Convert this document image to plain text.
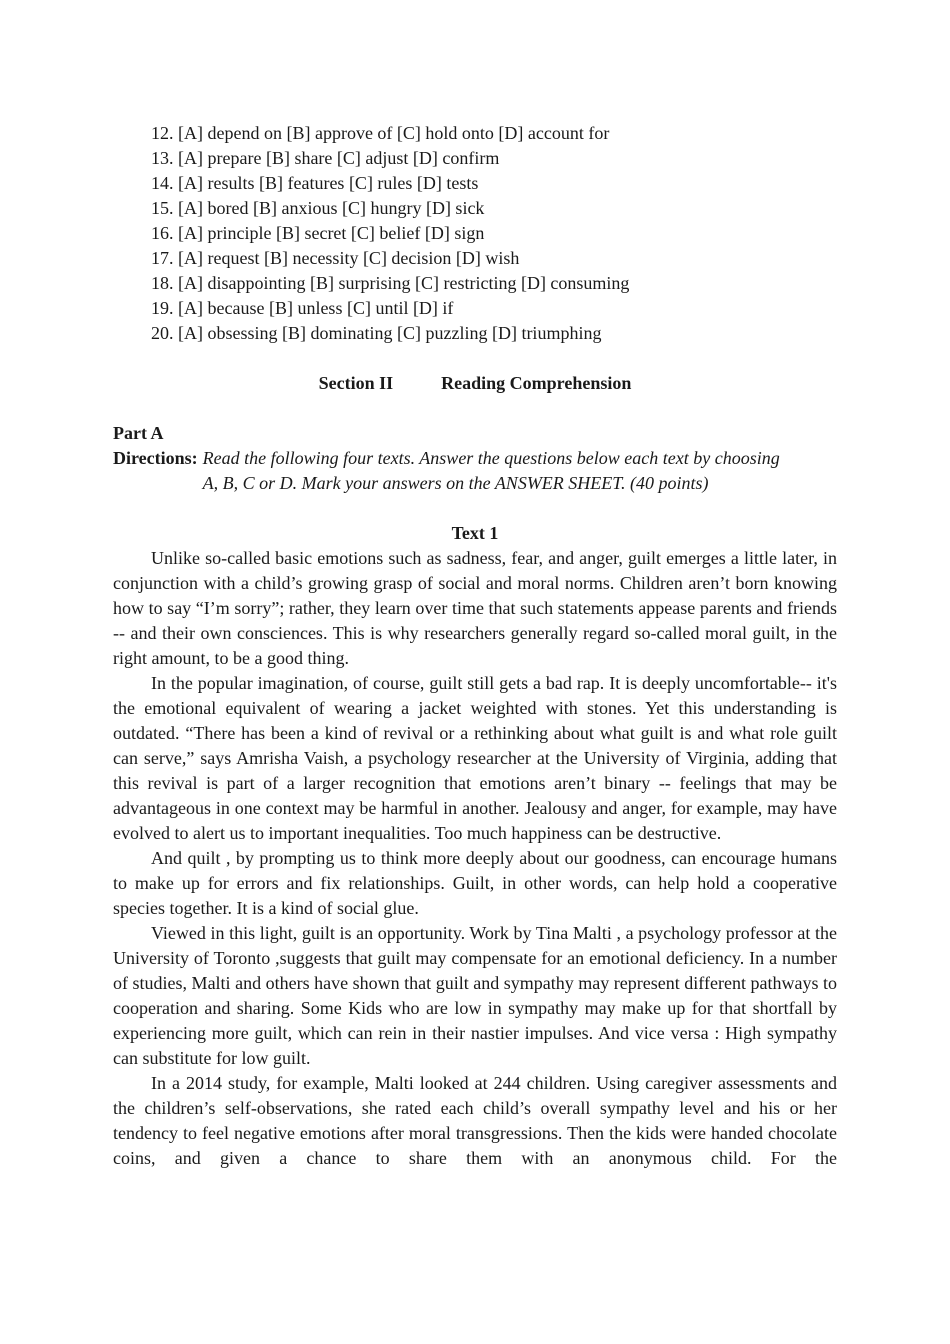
12. [A] depend on [B] approve of [C] hold onto [D] account for
13. [A] prepare [B] share [C] adjust [D] confirm
14. [A] results [B] features [C] rules [D] tests
15. [A] bored [B] anxious [C] hungry [D] sick
16. [A] principle [B] secret [C] belief [D] sign
17. [A] request [B] necessity [C] decision [D] wish
18. [A] disappointing [B] surprising [C] restricting [D] consuming
19. [A] because [B] unless [C] until [D] if
20. [A] obsessing [B] dominating [C] puzzling [D] triumphing
Section II	Reading Comprehension
Part A
Directions: Read the following four texts. Answer the questions below each text by choosing
A, B, C or D. Mark your answers on the ANSWER SHEET. (40 points)
Text 1

Unlike so-called basic emotions such as sadness, fear, and anger, guilt emerges a little later, in conjunction with a child’s growing grasp of social and moral norms. Children aren’t born knowing how to say “I’m sorry”; rather, they learn over time that such statements appease parents and friends -- and their own consciences. This is why researchers generally regard so-called moral guilt, in the right amount, to be a good thing.

In the popular imagination, of course, guilt still gets a bad rap. It is deeply uncomfortable-- it's the emotional equivalent of wearing a jacket weighted with stones. Yet this understanding is outdated. “There has been a kind of revival or a rethinking about what guilt is and what role guilt can serve,” says Amrisha Vaish, a psychology researcher at the University of Virginia, adding that this revival is part of a larger recognition that emotions aren’t binary -- feelings that may be advantageous in one context may be harmful in another. Jealousy and anger, for example, may have evolved to alert us to important inequalities. Too much happiness can be destructive.

And quilt , by prompting us to think more deeply about our goodness, can encourage humans to make up for errors and fix relationships. Guilt, in other words, can help hold a cooperative species together. It is a kind of social glue.

Viewed in this light, guilt is an opportunity. Work by Tina Malti , a psychology professor at the University of Toronto ,suggests that guilt may compensate for an emotional deficiency. In a number of studies, Malti and others have shown that guilt and sympathy may represent different pathways to cooperation and sharing. Some Kids who are low in sympathy may make up for that shortfall by experiencing more guilt, which can rein in their nastier impulses. And vice versa : High sympathy can substitute for low guilt.

In a 2014 study, for example, Malti looked at 244 children. Using caregiver assessments and the children’s self-observations, she rated each child’s overall sympathy level and his or her tendency to feel negative emotions after moral transgressions. Then the kids were handed chocolate coins, and given a chance to share them with an anonymous child. For the
